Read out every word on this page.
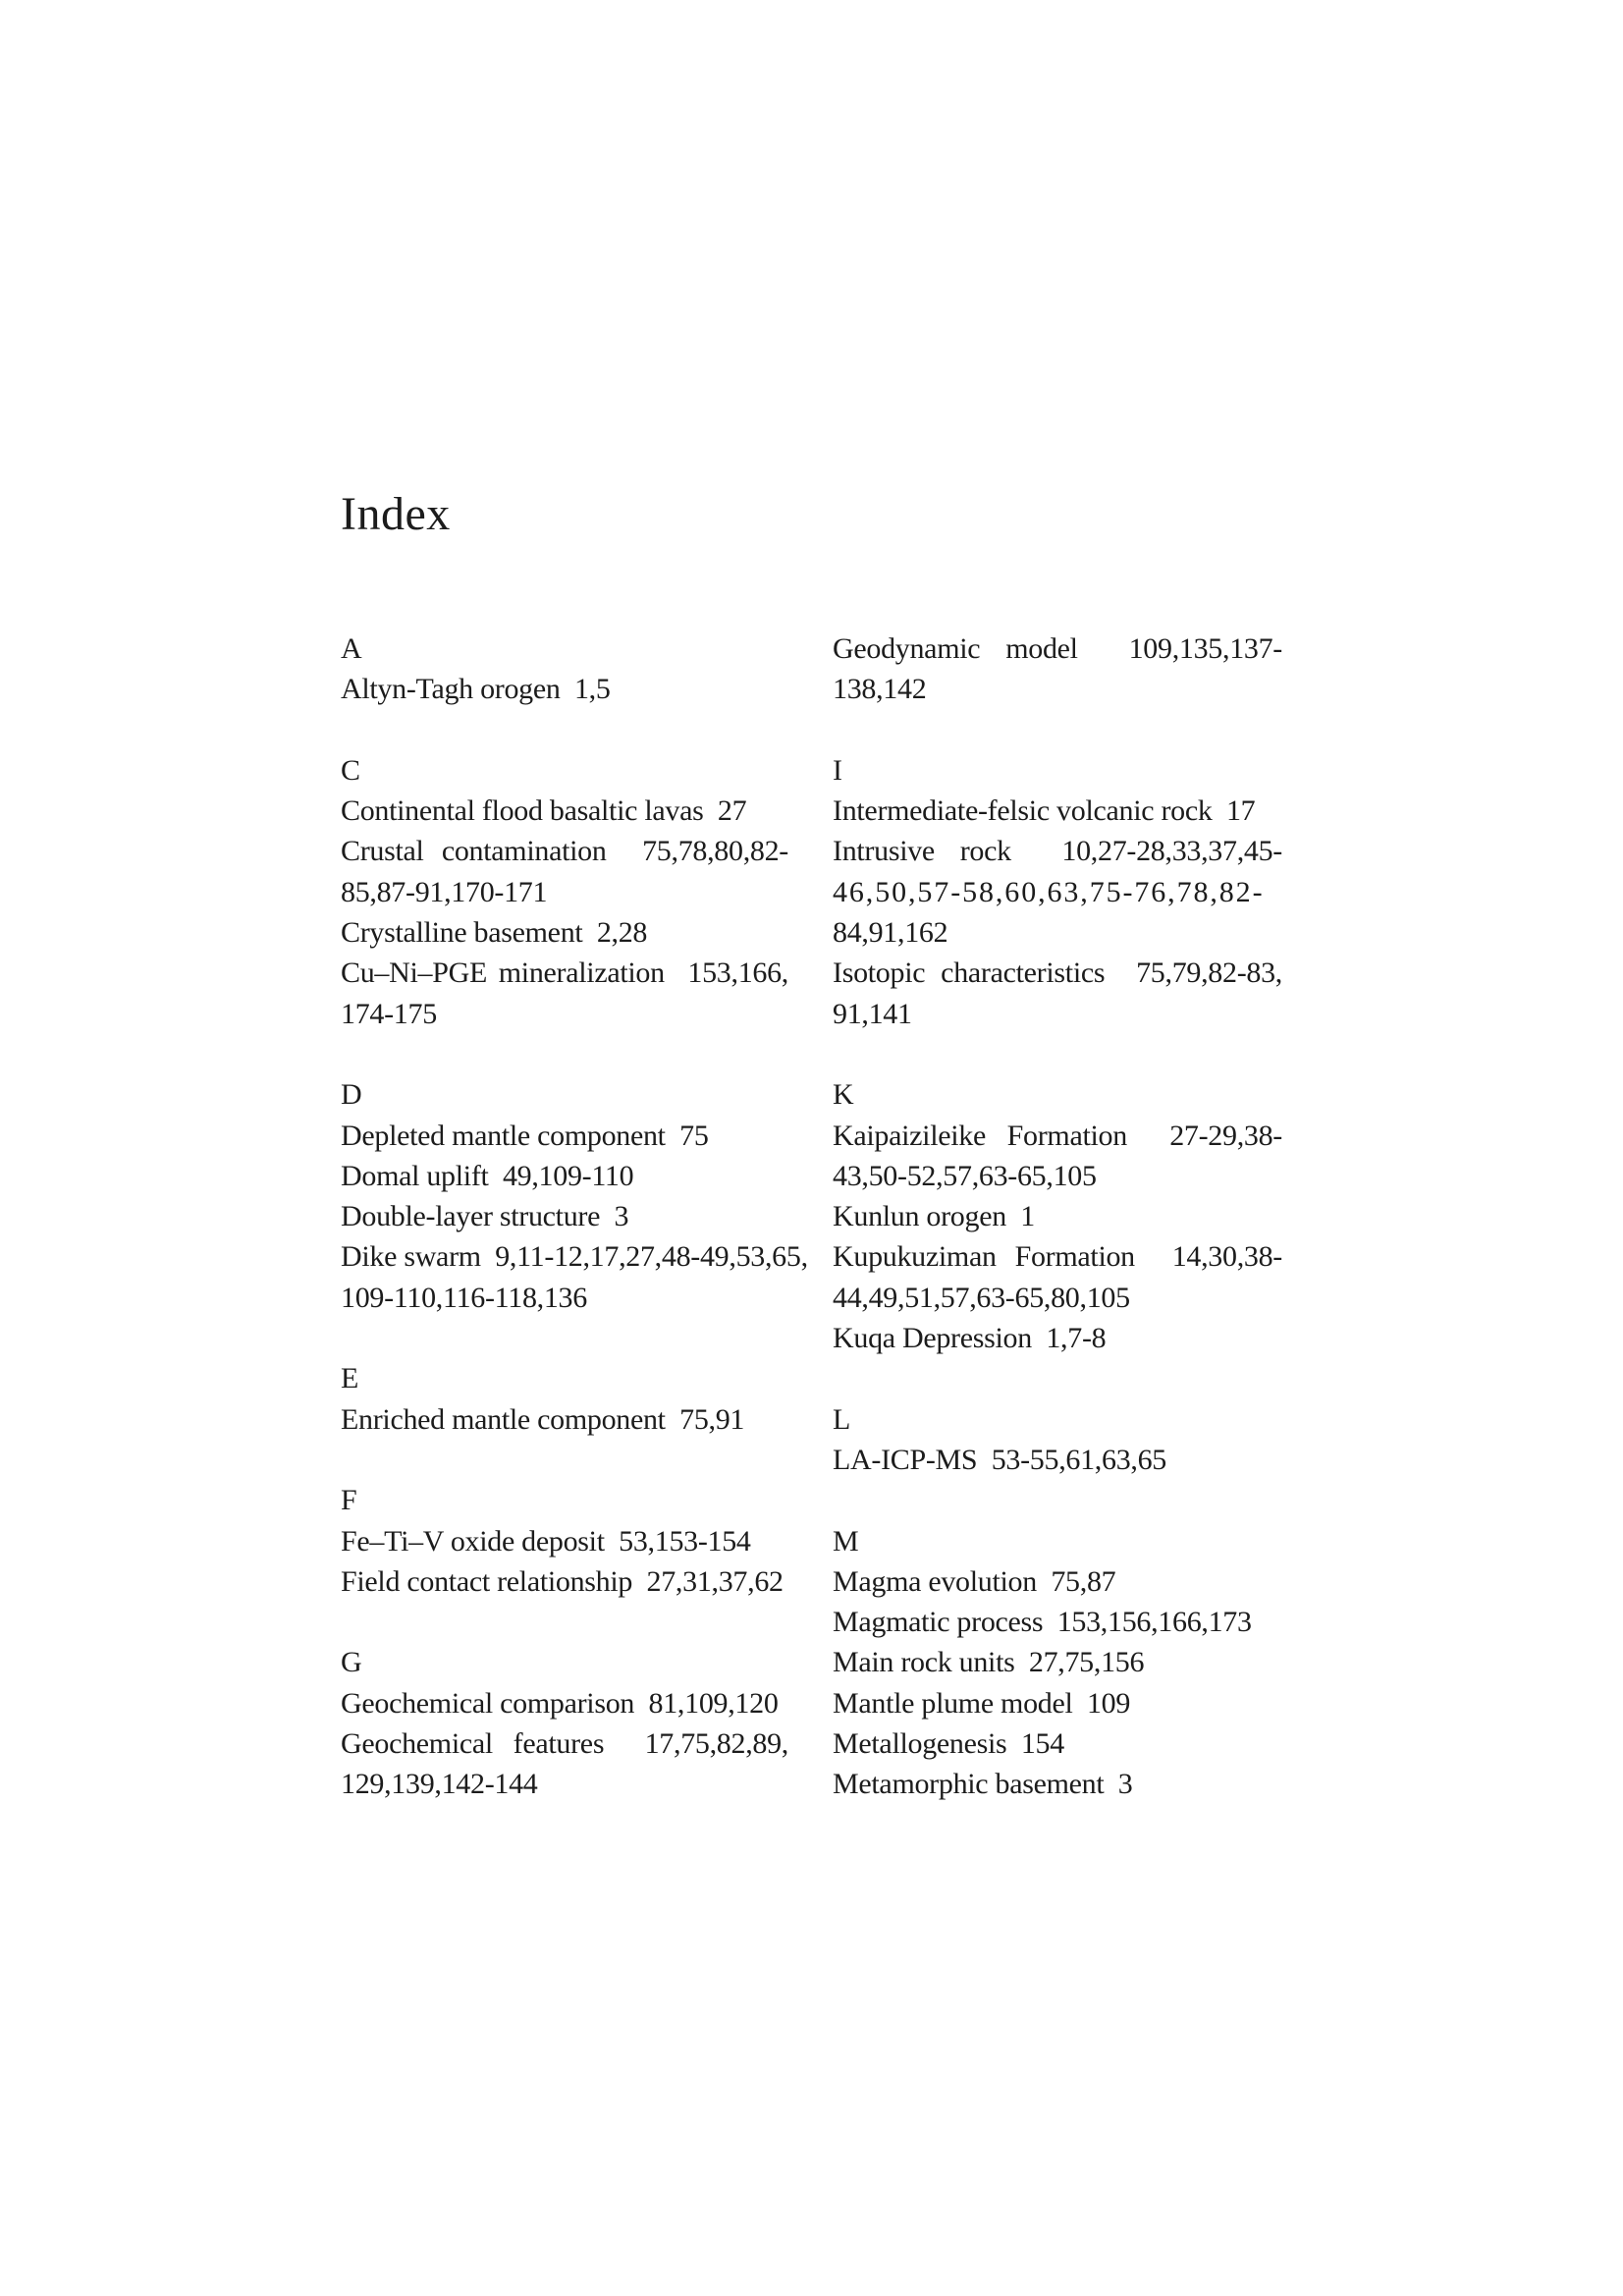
Index
A
Altyn-Tagh orogen  1,5
C
Continental flood basaltic lavas  27
Crustal contamination  75,78,80,82-
85,87-91,170-171
Crystalline basement  2,28
Cu–Ni–PGE mineralization  153,166,
174-175
D
Depleted mantle component  75
Domal uplift  49,109-110
Double-layer structure  3
Dike swarm  9,11-12,17,27,48-49,53,65,
109-110,116-118,136
E
Enriched mantle component  75,91
F
Fe–Ti–V oxide deposit  53,153-154
Field contact relationship  27,31,37,62
G
Geochemical comparison  81,109,120
Geochemical features  17,75,82,89,
129,139,142-144
Geodynamic model  109,135,137-
138,142
I
Intermediate-felsic volcanic rock  17
Intrusive rock  10,27-28,33,37,45-
46,50,57-58,60,63,75-76,78,82-
84,91,162
Isotopic characteristics  75,79,82-83,
91,141
K
Kaipaizileike Formation  27-29,38-
43,50-52,57,63-65,105
Kunlun orogen  1
Kupukuziman Formation  14,30,38-
44,49,51,57,63-65,80,105
Kuqa Depression  1,7-8
L
LA-ICP-MS  53-55,61,63,65
M
Magma evolution  75,87
Magmatic process  153,156,166,173
Main rock units  27,75,156
Mantle plume model  109
Metallogenesis  154
Metamorphic basement  3
